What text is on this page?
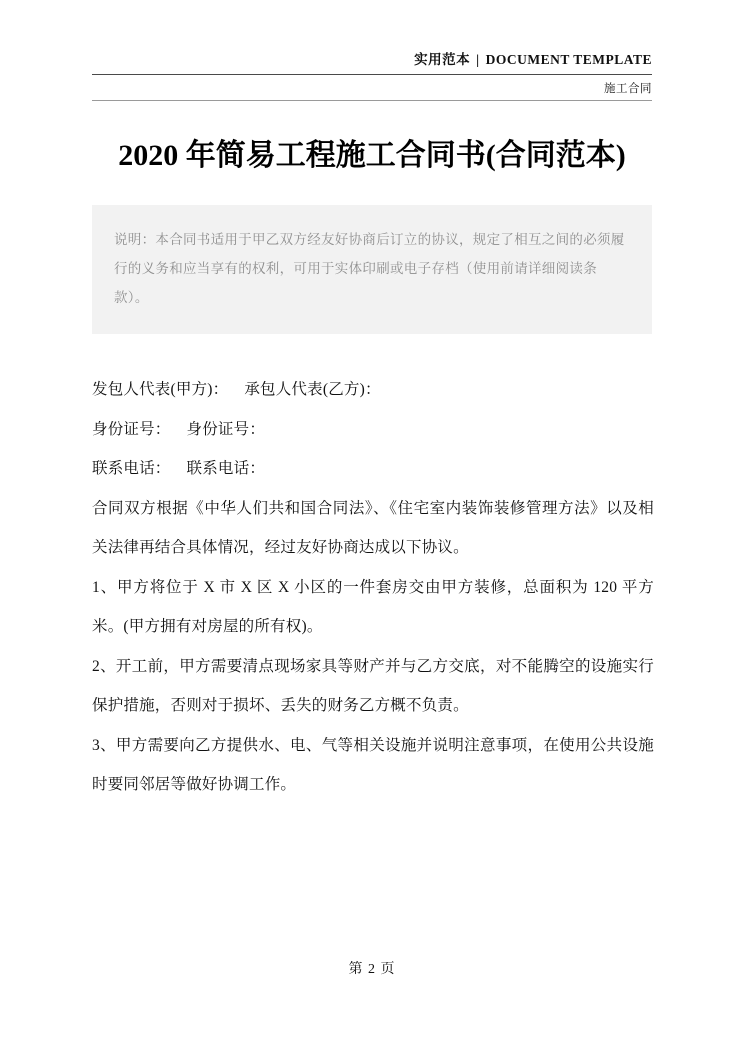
实用范本 | DOCUMENT TEMPLATE
施工合同
2020 年简易工程施工合同书(合同范本)
说明：本合同书适用于甲乙双方经友好协商后订立的协议，规定了相互之间的必须履行的义务和应当享有的权利，可用于实体印刷或电子存档（使用前请详细阅读条款）。

发包人代表(甲方)： 承包人代表(乙方)：

身份证号： 身份证号：

联系电话： 联系电话：

合同双方根据《中华人们共和国合同法》、《住宅室内装饰装修管理方法》以及相关法律再结合具体情况，经过友好协商达成以下协议。

1、甲方将位于 X 市 X 区 X 小区的一件套房交由甲方装修，总面积为 120 平方米。(甲方拥有对房屋的所有权)。

2、开工前，甲方需要清点现场家具等财产并与乙方交底，对不能腾空的设施实行保护措施，否则对于损坏、丢失的财务乙方概不负责。

3、甲方需要向乙方提供水、电、气等相关设施并说明注意事项，在使用公共设施时要同邻居等做好协调工作。

第 2 页
